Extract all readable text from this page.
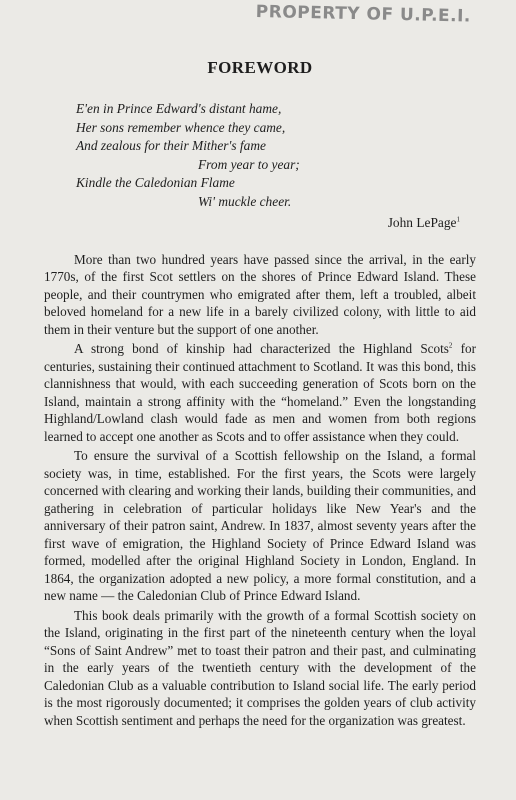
PROPERTY OF U.P.E.I.
FOREWORD
E'en in Prince Edward's distant hame,
Her sons remember whence they came,
And zealous for their Mither's fame
From year to year;
Kindle the Caledonian Flame
Wi' muckle cheer.
John LePage$^1$

More than two hundred years have passed since the arrival, in the early 1770s, of the first Scot settlers on the shores of Prince Edward Island. These people, and their countrymen who emigrated after them, left a troubled, albeit beloved homeland for a new life in a barely civilized colony, with little to aid them in their venture but the support of one another.

A strong bond of kinship had characterized the Highland Scots$^2$ for centuries, sustaining their continued attachment to Scotland. It was this bond, this clannishness that would, with each succeeding generation of Scots born on the Island, maintain a strong affinity with the “homeland.” Even the longstanding Highland/Lowland clash would fade as men and women from both regions learned to accept one another as Scots and to offer assistance when they could.

To ensure the survival of a Scottish fellowship on the Island, a formal society was, in time, established. For the first years, the Scots were largely concerned with clearing and working their lands, building their communities, and gathering in celebration of particular holidays like New Year's and the anniversary of their patron saint, Andrew. In 1837, almost seventy years after the first wave of emigration, the Highland Society of Prince Edward Island was formed, modelled after the original Highland Society in London, England. In 1864, the organization adopted a new policy, a more formal constitution, and a new name — the Caledonian Club of Prince Edward Island.

This book deals primarily with the growth of a formal Scottish society on the Island, originating in the first part of the nineteenth century when the loyal “Sons of Saint Andrew” met to toast their patron and their past, and culminating in the early years of the twentieth century with the development of the Caledonian Club as a valuable contribution to Island social life. The early period is the most rigorously documented; it comprises the golden years of club activity when Scottish sentiment and perhaps the need for the organization was greatest.
